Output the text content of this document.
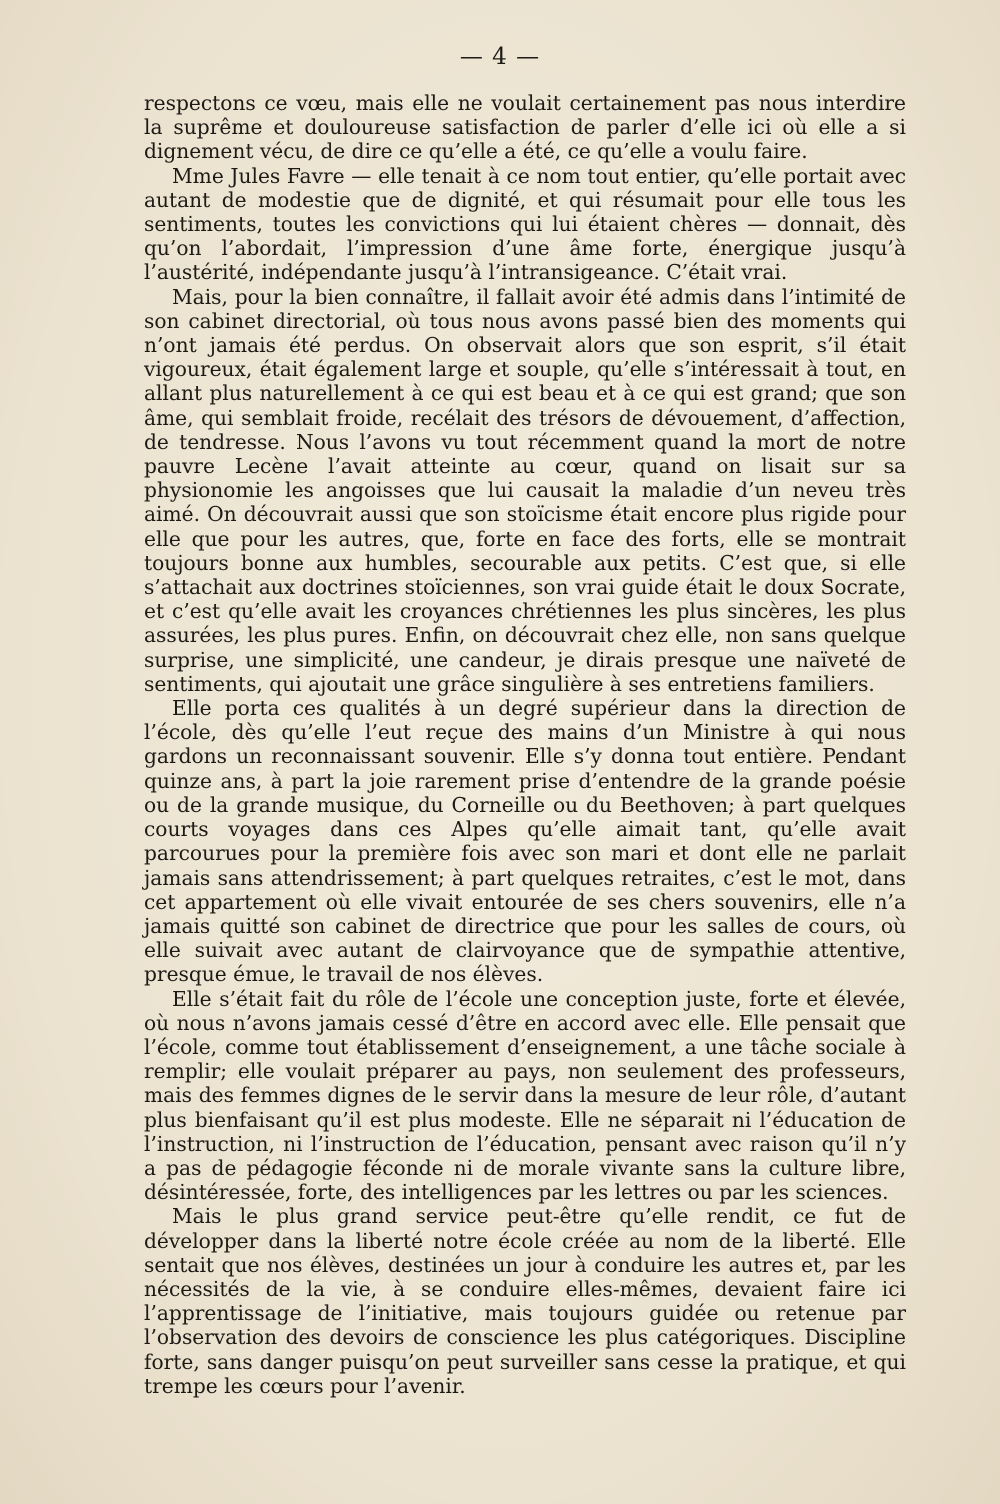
— 4 —

respectons ce vœu, mais elle ne voulait certainement pas nous interdire la suprême et douloureuse satisfaction de parler d’elle ici où elle a si dignement vécu, de dire ce qu’elle a été, ce qu’elle a voulu faire.

Mme Jules Favre — elle tenait à ce nom tout entier, qu’elle portait avec autant de modestie que de dignité, et qui résumait pour elle tous les sentiments, toutes les convictions qui lui étaient chères — donnait, dès qu’on l’abordait, l’impression d’une âme forte, énergique jusqu’à l’austérité, indépendante jusqu’à l’intransigeance. C’était vrai.

Mais, pour la bien connaître, il fallait avoir été admis dans l’intimité de son cabinet directorial, où tous nous avons passé bien des moments qui n’ont jamais été perdus. On observait alors que son esprit, s’il était vigoureux, était également large et souple, qu’elle s’intéressait à tout, en allant plus naturellement à ce qui est beau et à ce qui est grand; que son âme, qui semblait froide, recélait des trésors de dévouement, d’affection, de tendresse. Nous l’avons vu tout récemment quand la mort de notre pauvre Lecène l’avait atteinte au cœur, quand on lisait sur sa physionomie les angoisses que lui causait la maladie d’un neveu très aimé. On découvrait aussi que son stoïcisme était encore plus rigide pour elle que pour les autres, que, forte en face des forts, elle se montrait toujours bonne aux humbles, secourable aux petits. C’est que, si elle s’attachait aux doctrines stoïciennes, son vrai guide était le doux Socrate, et c’est qu’elle avait les croyances chrétiennes les plus sincères, les plus assurées, les plus pures. Enfin, on découvrait chez elle, non sans quelque surprise, une simplicité, une candeur, je dirais presque une naïveté de sentiments, qui ajoutait une grâce singulière à ses entretiens familiers.

Elle porta ces qualités à un degré supérieur dans la direction de l’école, dès qu’elle l’eut reçue des mains d’un Ministre à qui nous gardons un reconnaissant souvenir. Elle s’y donna tout entière. Pendant quinze ans, à part la joie rarement prise d’entendre de la grande poésie ou de la grande musique, du Corneille ou du Beethoven; à part quelques courts voyages dans ces Alpes qu’elle aimait tant, qu’elle avait parcourues pour la première fois avec son mari et dont elle ne parlait jamais sans attendrissement; à part quelques retraites, c’est le mot, dans cet appartement où elle vivait entourée de ses chers souvenirs, elle n’a jamais quitté son cabinet de directrice que pour les salles de cours, où elle suivait avec autant de clairvoyance que de sympathie attentive, presque émue, le travail de nos élèves.

Elle s’était fait du rôle de l’école une conception juste, forte et élevée, où nous n’avons jamais cessé d’être en accord avec elle. Elle pensait que l’école, comme tout établissement d’enseignement, a une tâche sociale à remplir; elle voulait préparer au pays, non seulement des professeurs, mais des femmes dignes de le servir dans la mesure de leur rôle, d’autant plus bienfaisant qu’il est plus modeste. Elle ne séparait ni l’éducation de l’instruction, ni l’instruction de l’éducation, pensant avec raison qu’il n’y a pas de pédagogie féconde ni de morale vivante sans la culture libre, désintéressée, forte, des intelligences par les lettres ou par les sciences.

Mais le plus grand service peut-être qu’elle rendit, ce fut de développer dans la liberté notre école créée au nom de la liberté. Elle sentait que nos élèves, destinées un jour à conduire les autres et, par les nécessités de la vie, à se conduire elles-mêmes, devaient faire ici l’apprentissage de l’initiative, mais toujours guidée ou retenue par l’observation des devoirs de conscience les plus catégoriques. Discipline forte, sans danger puisqu’on peut surveiller sans cesse la pratique, et qui trempe les cœurs pour l’avenir.
